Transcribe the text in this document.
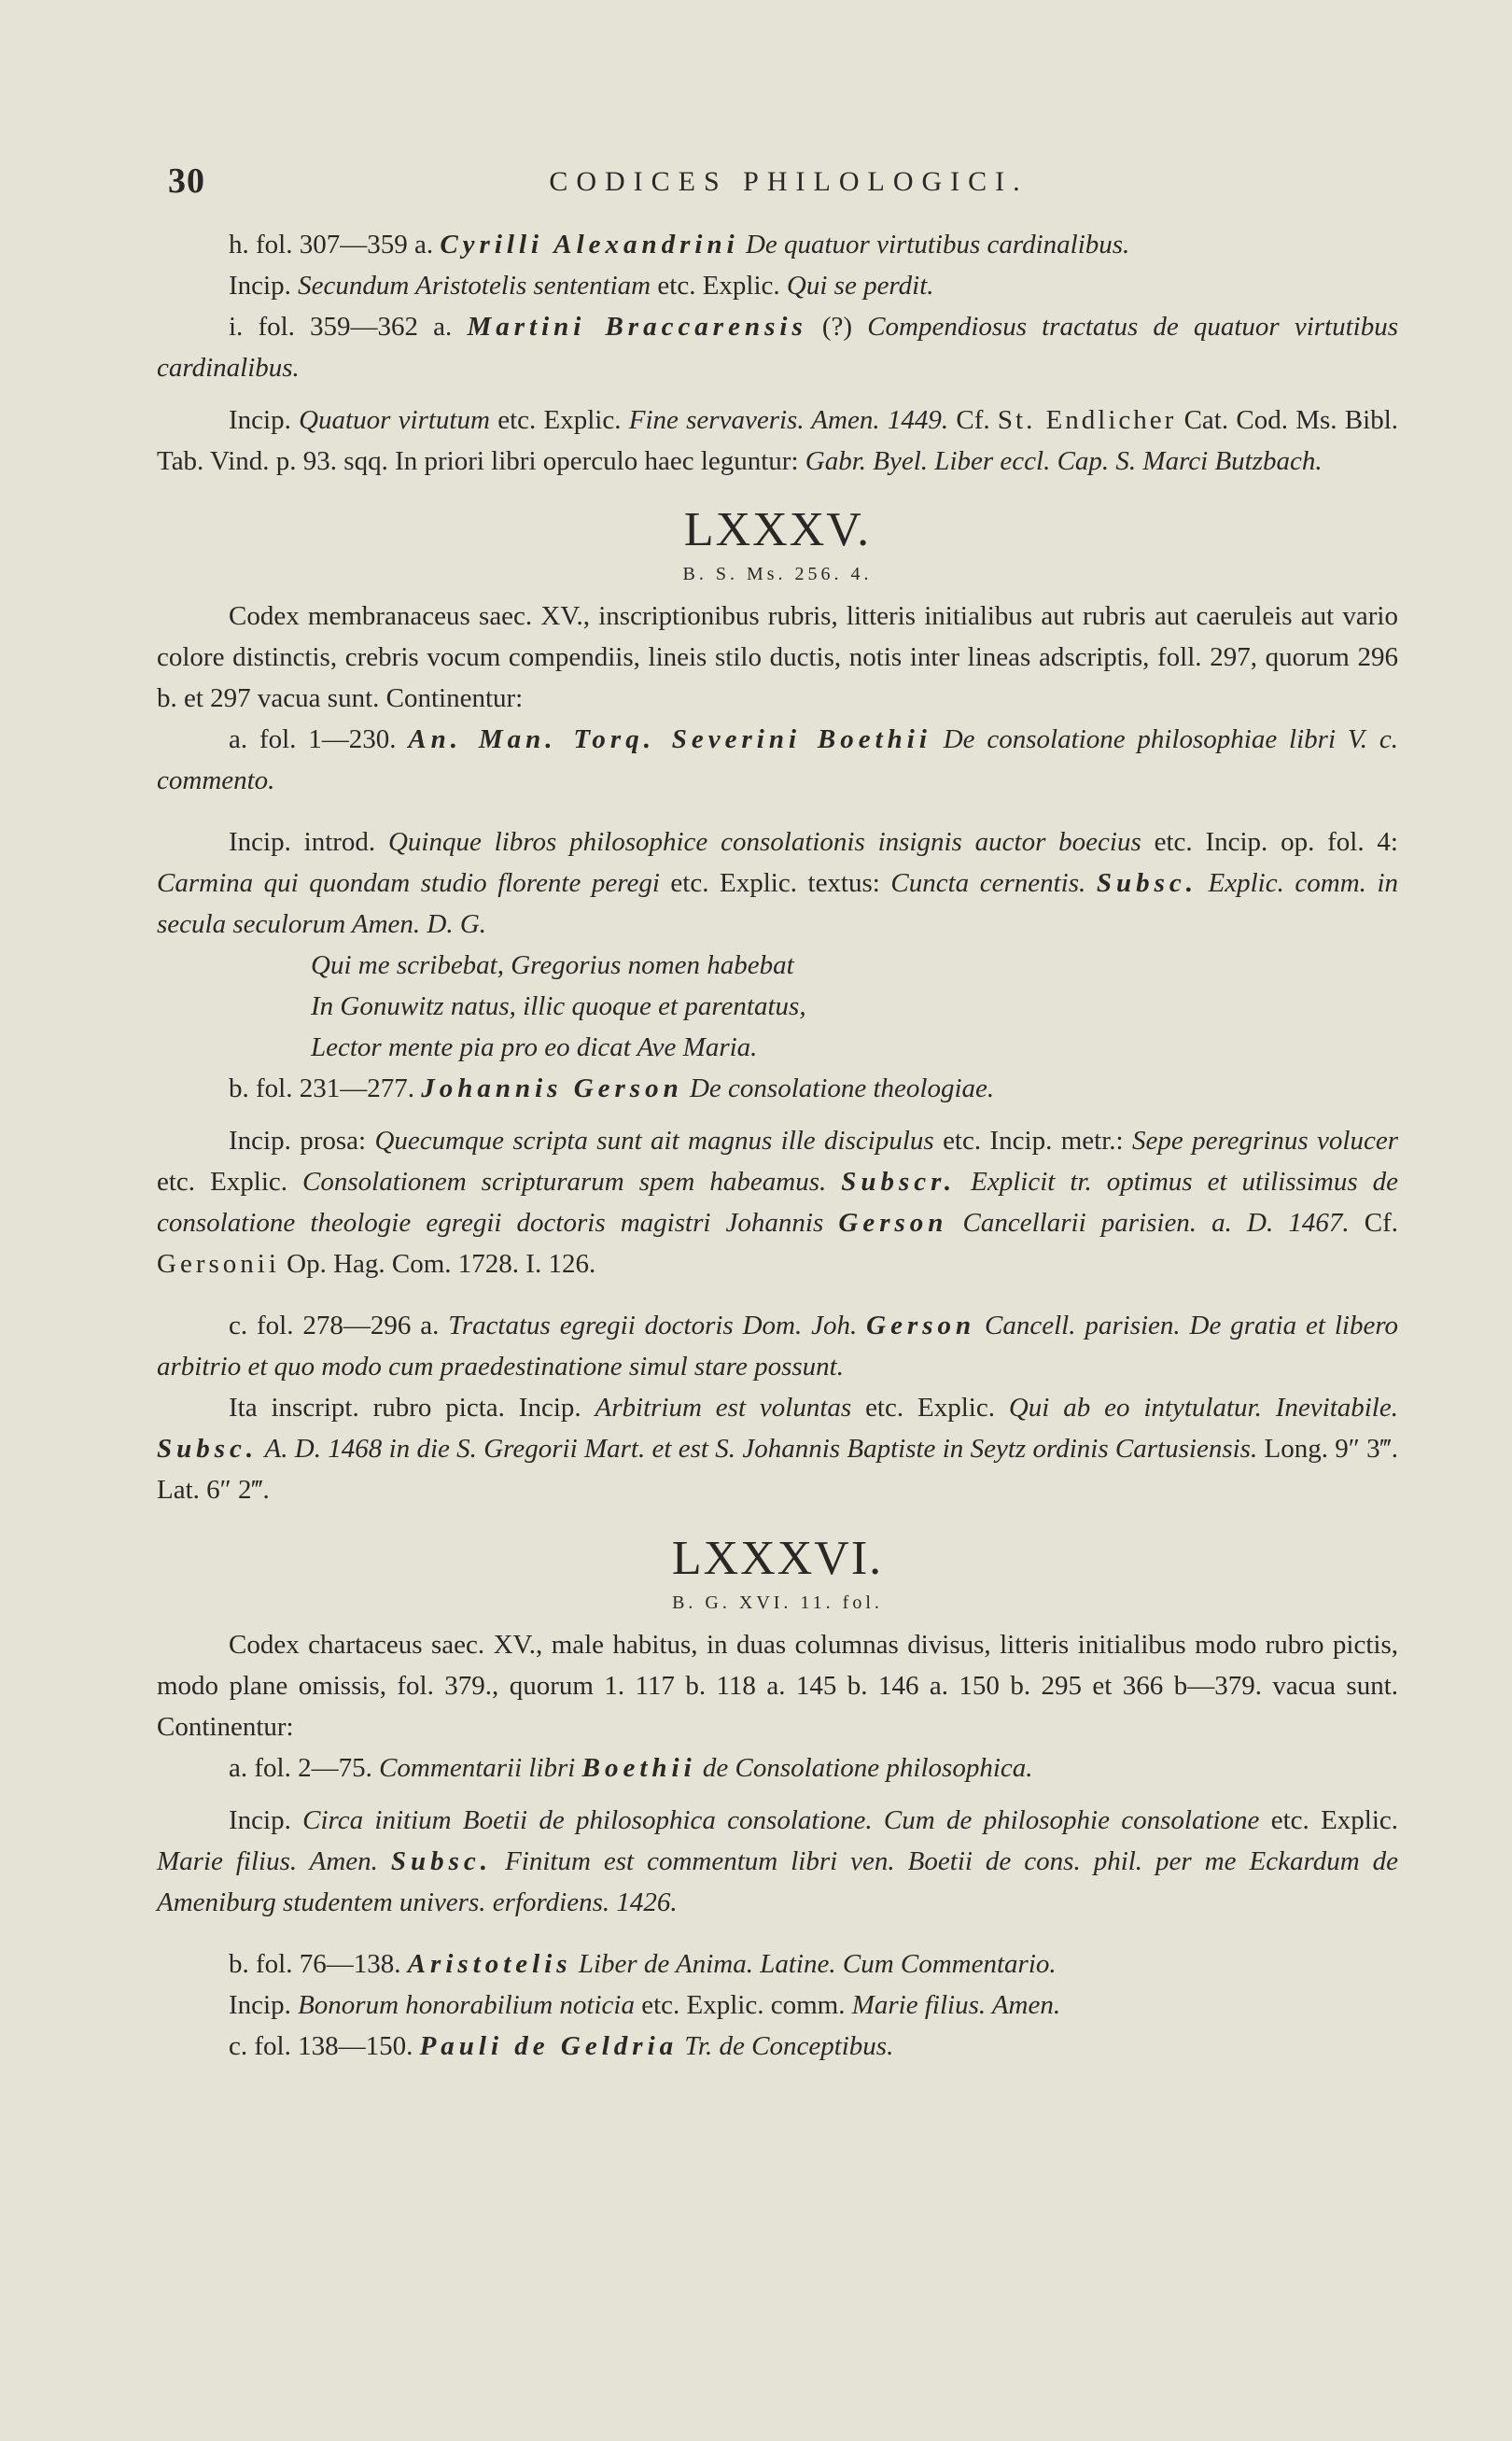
30	CODICES PHILOLOGICI.

h. fol. 307—359 a. Cyrilli Alexandrini De quatuor virtutibus cardinalibus.

Incip. Secundum Aristotelis sententiam etc. Explic. Qui se perdit.

i. fol. 359—362 a. Martini Braccarensis (?) Compendiosus tractatus de quatuor virtutibus cardinalibus.

Incip. Quatuor virtutum etc. Explic. Fine servaveris. Amen. 1449. Cf. St. Endlicher Cat. Cod. Ms. Bibl. Tab. Vind. p. 93. sqq. In priori libri operculo haec leguntur: Gabr. Byel. Liber eccl. Cap. S. Marci Butzbach.

LXXXV.
B. S. Ms. 256. 4.

Codex membranaceus saec. XV., inscriptionibus rubris, litteris initialibus aut rubris aut caeruleis aut vario colore distinctis, crebris vocum compendiis, lineis stilo ductis, notis inter lineas adscriptis, foll. 297, quorum 296 b. et 297 vacua sunt. Continentur:

a. fol. 1—230. An. Man. Torq. Severini Boethii De consolatione philosophiae libri V. c. commento.

Incip. introd. Quinque libros philosophice consolationis insignis auctor boecius etc. Incip. op. fol. 4: Carmina qui quondam studio florente peregi etc. Explic. textus: Cuncta cernentis. Subsc. Explic. comm. in secula seculorum Amen. D. G.

Qui me scribebat, Gregorius nomen habebat

In Gonuwitz natus, illic quoque et parentatus,

Lector mente pia pro eo dicat Ave Maria.

b. fol. 231—277. Johannis Gerson De consolatione theologiae.

Incip. prosa: Quecumque scripta sunt ait magnus ille discipulus etc. Incip. metr.: Sepe peregrinus volucer etc. Explic. Consolationem scripturarum spem habeamus. Subscr. Explicit tr. optimus et utilissimus de consolatione theologie egregii doctoris magistri Johannis Gerson Cancellarii parisien. a. D. 1467. Cf. Gersonii Op. Hag. Com. 1728. I. 126.

c. fol. 278—296 a. Tractatus egregii doctoris Dom. Joh. Gerson Cancell. parisien. De gratia et libero arbitrio et quo modo cum praedestinatione simul stare possunt.

Ita inscript. rubro picta. Incip. Arbitrium est voluntas etc. Explic. Qui ab eo intytulatur. Inevitabile. Subsc. A. D. 1468 in die S. Gregorii Mart. et est S. Johannis Baptiste in Seytz ordinis Cartusiensis. Long. 9″ 3‴. Lat. 6″ 2‴.

LXXXVI.
B. G. XVI. 11. fol.

Codex chartaceus saec. XV., male habitus, in duas columnas divisus, litteris initialibus modo rubro pictis, modo plane omissis, fol. 379., quorum 1. 117 b. 118 a. 145 b. 146 a. 150 b. 295 et 366 b—379. vacua sunt. Continentur:

a. fol. 2—75. Commentarii libri Boethii de Consolatione philosophica.

Incip. Circa initium Boetii de philosophica consolatione. Cum de philosophie consolatione etc. Explic. Marie filius. Amen. Subsc. Finitum est commentum libri ven. Boetii de cons. phil. per me Eckardum de Ameniburg studentem univers. erfordiens. 1426.

b. fol. 76—138. Aristotelis Liber de Anima. Latine. Cum Commentario.

Incip. Bonorum honorabilium noticia etc. Explic. comm. Marie filius. Amen.

c. fol. 138—150. Pauli de Geldria Tr. de Conceptibus.
